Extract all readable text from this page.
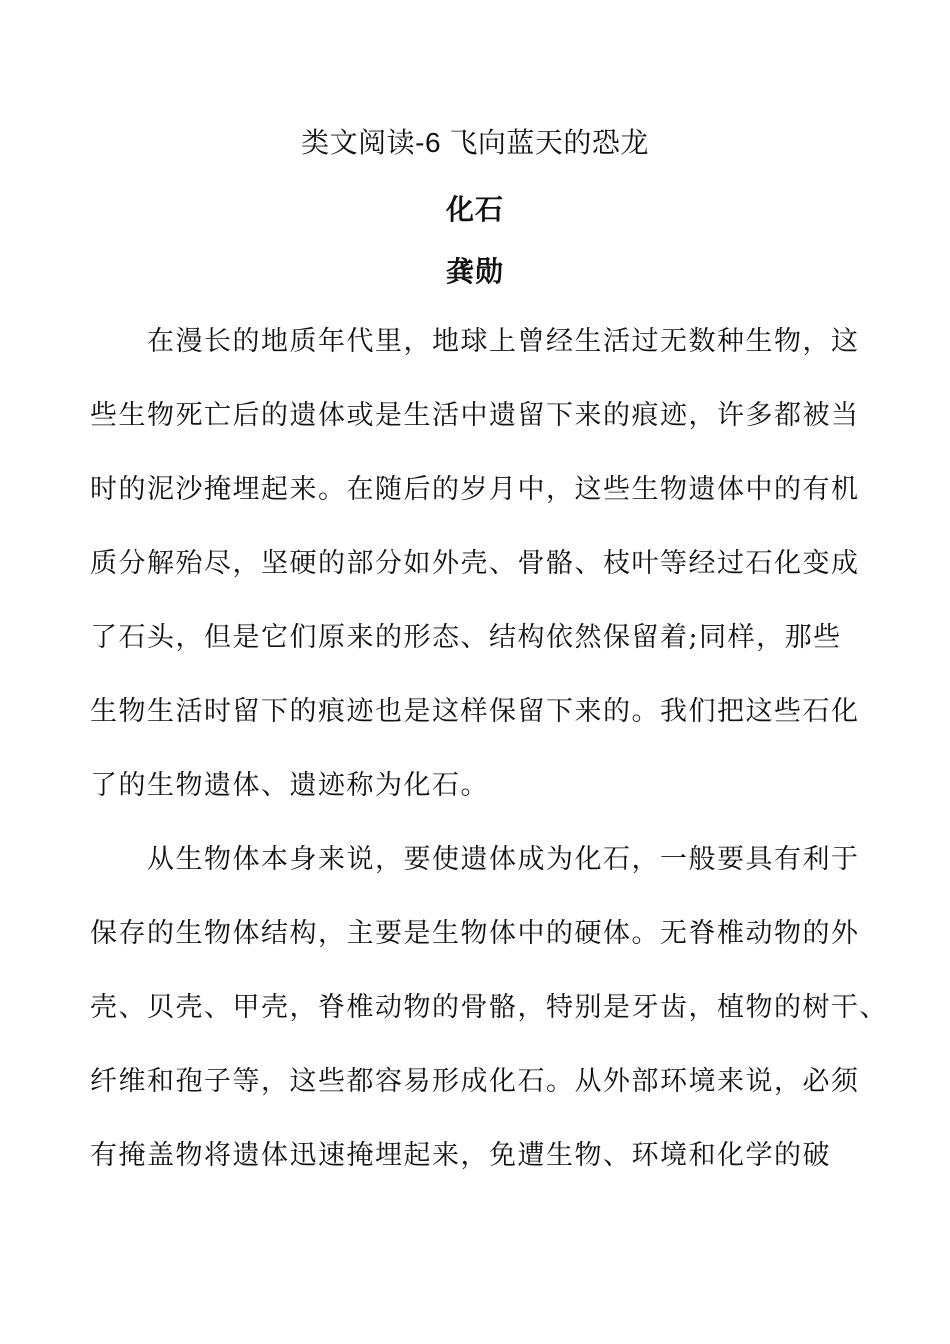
类文阅读-6 飞向蓝天的恐龙
化石
龚勋
在漫长的地质年代里，地球上曾经生活过无数种生物，这
些生物死亡后的遗体或是生活中遗留下来的痕迹，许多都被当
时的泥沙掩埋起来。在随后的岁月中，这些生物遗体中的有机
质分解殆尽，坚硬的部分如外壳、骨骼、枝叶等经过石化变成
了石头，但是它们原来的形态、结构依然保留着;同样，那些
生物生活时留下的痕迹也是这样保留下来的。我们把这些石化
了的生物遗体、遗迹称为化石。
从生物体本身来说，要使遗体成为化石，一般要具有利于
保存的生物体结构，主要是生物体中的硬体。无脊椎动物的外
壳、贝壳、甲壳，脊椎动物的骨骼，特别是牙齿，植物的树干、
纤维和孢子等，这些都容易形成化石。从外部环境来说，必须
有掩盖物将遗体迅速掩埋起来，免遭生物、环境和化学的破
